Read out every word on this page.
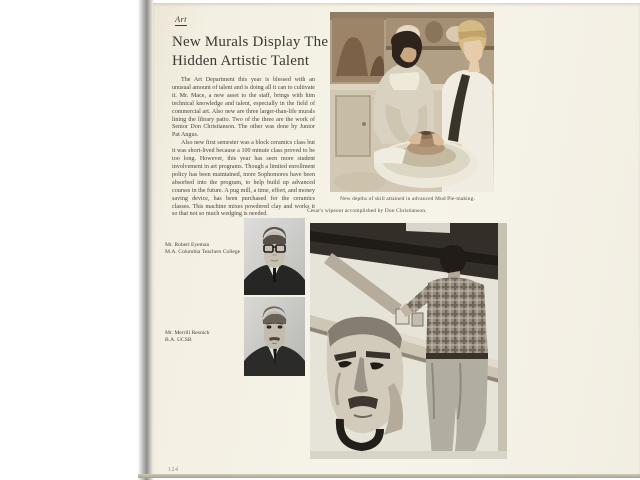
Art
New Murals Display The
Hidden Artistic Talent

The Art Department this year is blessed with an unusual amount of talent and is doing all it can to cultivate it. Mr. Mace, a new asset to the staff, brings with him technical knowledge and talent, especially in the field of commercial art. Also new are three larger-than-life murals lining the library patio. Two of the three are the work of Senior Don Christianson. The other was done by Junior Pat Angus.

Also new first semester was a block ceramics class but it was short-lived because a 100 minute class proved to be too long. However, this year has seen more student involvement in art programs. Though a limited enrollment policy has been maintained, more Sophomores have been absorbed into the program, to help build up advanced courses in the future. A pug mill, a time, effort, and money saving device, has been purchased for the ceramics classes. This machine mixes powdered clay and works it so that not so much wedging is needed.

New depths of skill attained in advanced Mud Pie-making.
Cesar's wipeout accomplished by Don Christianson.
Mr. Robert Eyeman
M.A. Columbia Teachers College
Mr. Merrill Resnick
B.A. UCSB
124
